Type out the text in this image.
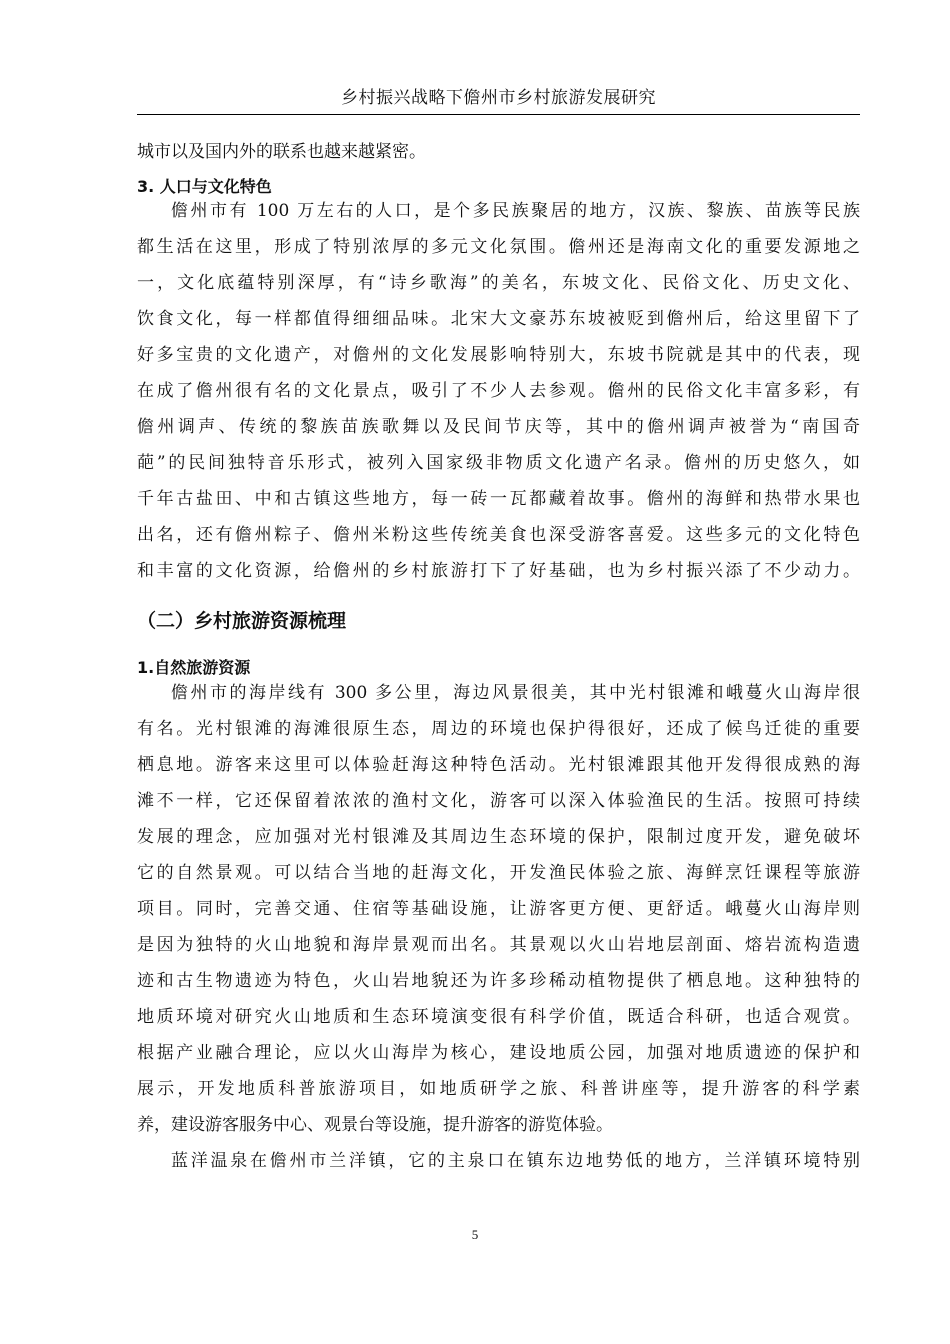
乡村振兴战略下儋州市乡村旅游发展研究
城市以及国内外的联系也越来越紧密。
3. 人口与文化特色
儋州市有 100 万左右的人口，是个多民族聚居的地方，汉族、黎族、苗族等民族
都生活在这里，形成了特别浓厚的多元文化氛围。儋州还是海南文化的重要发源地之
一，文化底蕴特别深厚，有“诗乡歌海”的美名，东坡文化、民俗文化、历史文化、
饮食文化，每一样都值得细细品味。北宋大文豪苏东坡被贬到儋州后，给这里留下了
好多宝贵的文化遗产，对儋州的文化发展影响特别大，东坡书院就是其中的代表，现
在成了儋州很有名的文化景点，吸引了不少人去参观。儋州的民俗文化丰富多彩，有
儋州调声、传统的黎族苗族歌舞以及民间节庆等，其中的儋州调声被誉为“南国奇
葩”的民间独特音乐形式，被列入国家级非物质文化遗产名录。儋州的历史悠久，如
千年古盐田、中和古镇这些地方，每一砖一瓦都藏着故事。儋州的海鲜和热带水果也
出名，还有儋州粽子、儋州米粉这些传统美食也深受游客喜爱。这些多元的文化特色
和丰富的文化资源，给儋州的乡村旅游打下了好基础，也为乡村振兴添了不少动力。
（二）乡村旅游资源梳理
1.自然旅游资源
儋州市的海岸线有 300 多公里，海边风景很美，其中光村银滩和峨蔓火山海岸很
有名。光村银滩的海滩很原生态，周边的环境也保护得很好，还成了候鸟迁徙的重要
栖息地。游客来这里可以体验赶海这种特色活动。光村银滩跟其他开发得很成熟的海
滩不一样，它还保留着浓浓的渔村文化，游客可以深入体验渔民的生活。按照可持续
发展的理念，应加强对光村银滩及其周边生态环境的保护，限制过度开发，避免破坏
它的自然景观。可以结合当地的赶海文化，开发渔民体验之旅、海鲜烹饪课程等旅游
项目。同时，完善交通、住宿等基础设施，让游客更方便、更舒适。峨蔓火山海岸则
是因为独特的火山地貌和海岸景观而出名。其景观以火山岩地层剖面、熔岩流构造遗
迹和古生物遗迹为特色，火山岩地貌还为许多珍稀动植物提供了栖息地。这种独特的
地质环境对研究火山地质和生态环境演变很有科学价值，既适合科研，也适合观赏。
根据产业融合理论，应以火山海岸为核心，建设地质公园，加强对地质遗迹的保护和
展示，开发地质科普旅游项目，如地质研学之旅、科普讲座等，提升游客的科学素
养，建设游客服务中心、观景台等设施，提升游客的游览体验。
蓝洋温泉在儋州市兰洋镇，它的主泉口在镇东边地势低的地方，兰洋镇环境特别
5
